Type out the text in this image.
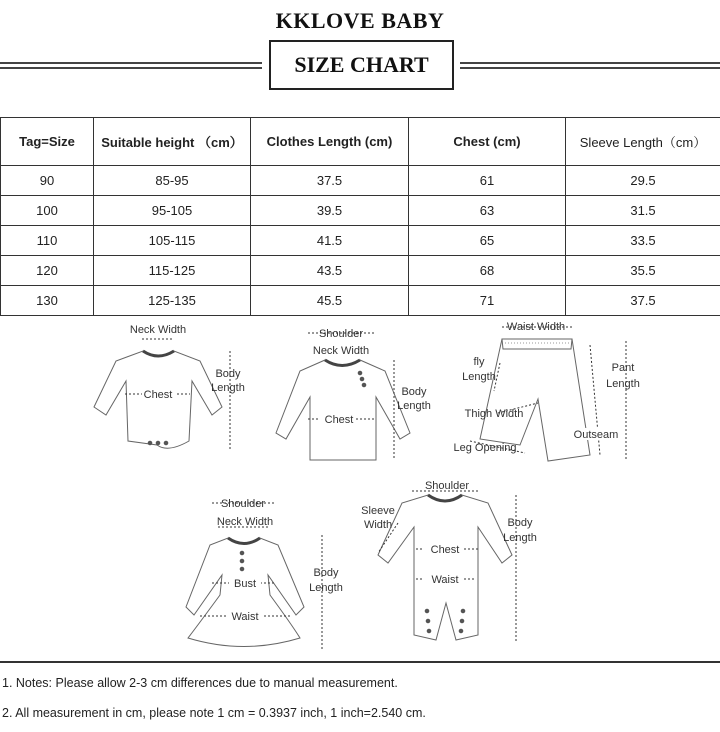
KKLOVE BABY
SIZE CHART
Tag=Size	Suitable height （cm）	Clothes Length (cm)	Chest (cm)	Sleeve Length（cm）
90	85-95	37.5	61	29.5
100	95-105	39.5	63	31.5
110	105-115	41.5	65	33.5
120	115-125	43.5	68	35.5
130	125-135	45.5	71	37.5
Neck Width
Chest
Body
Length
Shoulder
Neck Width
Chest
Body
Length
Waist Width
fly
Length
Thigh Width
Leg Opening
Outseam
Pant
Length
Shoulder
Neck Width
Bust
Waist
Body
Length
Shoulder
Sleeve
Width
Chest
Waist
Body
Length
1. Notes: Please allow 2-3 cm differences due to manual measurement.
2. All measurement in cm, please note 1 cm = 0.3937 inch, 1 inch=2.540 cm.
